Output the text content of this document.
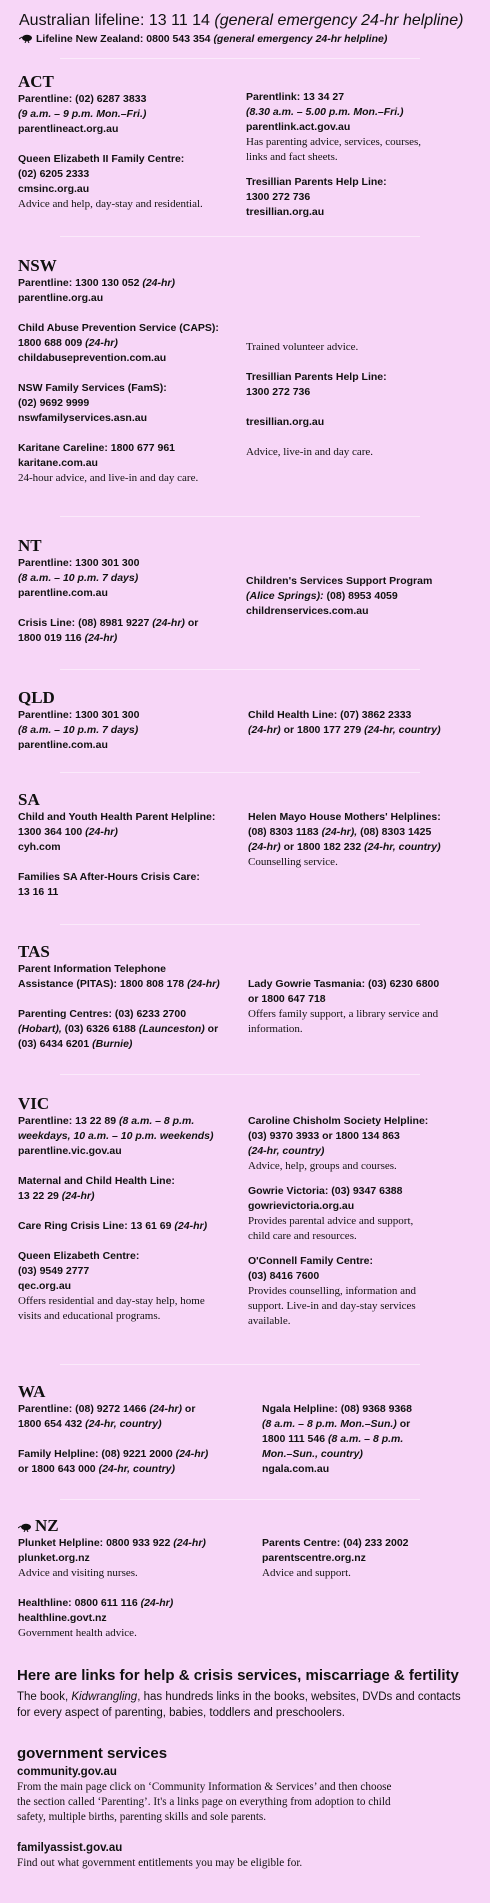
Australian lifeline: 13 11 14 (general emergency 24-hr helpline)
Lifeline New Zealand: 0800 543 354 (general emergency 24-hr helpline)
ACT
Parentline: (02) 6287 3833
(9 a.m. – 9 p.m. Mon.–Fri.)
parentlineact.org.au
Queen Elizabeth II Family Centre:
(02) 6205 2333
cmsinc.org.au
Advice and help, day-stay and residential.
Parentlink: 13 34 27
(8.30 a.m. – 5.00 p.m. Mon.–Fri.)
parentlink.act.gov.au
Has parenting advice, services, courses,
links and fact sheets.
Tresillian Parents Help Line:
1300 272 736
tresillian.org.au
NSW
Parentline: 1300 130 052 (24-hr)
parentline.org.au
Child Abuse Prevention Service (CAPS):
1800 688 009 (24-hr)
childabuseprevention.com.au
NSW Family Services (FamS):
(02) 9692 9999
nswfamilyservices.asn.au
Karitane Careline: 1800 677 961
karitane.com.au
24-hour advice, and live-in and day care.
Trained volunteer advice.
Tresillian Parents Help Line:
1300 272 736
tresillian.org.au
Advice, live-in and day care.
NT
Parentline: 1300 301 300
(8 a.m. – 10 p.m. 7 days)
parentline.com.au
Crisis Line: (08) 8981 9227 (24-hr) or
1800 019 116 (24-hr)
Children's Services Support Program
(Alice Springs): (08) 8953 4059
childrenservices.com.au
QLD
Parentline: 1300 301 300
(8 a.m. – 10 p.m. 7 days)
parentline.com.au
Child Health Line: (07) 3862 2333
(24-hr) or 1800 177 279 (24-hr, country)
SA
Child and Youth Health Parent Helpline:
1300 364 100 (24-hr)
cyh.com
Families SA After-Hours Crisis Care:
13 16 11
Helen Mayo House Mothers' Helplines:
(08) 8303 1183 (24-hr), (08) 8303 1425
(24-hr) or 1800 182 232 (24-hr, country)
Counselling service.
TAS
Parent Information Telephone
Assistance (PITAS): 1800 808 178 (24-hr)
Parenting Centres: (03) 6233 2700
(Hobart), (03) 6326 6188 (Launceston) or
(03) 6434 6201 (Burnie)
Lady Gowrie Tasmania: (03) 6230 6800
or 1800 647 718
Offers family support, a library service and
information.
VIC
Parentline: 13 22 89 (8 a.m. – 8 p.m.
weekdays, 10 a.m. – 10 p.m. weekends)
parentline.vic.gov.au
Maternal and Child Health Line:
13 22 29 (24-hr)
Care Ring Crisis Line: 13 61 69 (24-hr)
Queen Elizabeth Centre:
(03) 9549 2777
qec.org.au
Offers residential and day-stay help, home
visits and educational programs.
Caroline Chisholm Society Helpline:
(03) 9370 3933 or 1800 134 863
(24-hr, country)
Advice, help, groups and courses.
Gowrie Victoria: (03) 9347 6388
gowrievictoria.org.au
Provides parental advice and support,
child care and resources.
O'Connell Family Centre:
(03) 8416 7600
Provides counselling, information and
support. Live-in and day-stay services
available.
WA
Parentline: (08) 9272 1466 (24-hr) or
1800 654 432 (24-hr, country)
Family Helpline: (08) 9221 2000 (24-hr)
or 1800 643 000 (24-hr, country)
Ngala Helpline: (08) 9368 9368
(8 a.m. – 8 p.m. Mon.–Sun.) or
1800 111 546 (8 a.m. – 8 p.m.
Mon.–Sun., country)
ngala.com.au
NZ
Plunket Helpline: 0800 933 922 (24-hr)
plunket.org.nz
Advice and visiting nurses.
Healthline: 0800 611 116 (24-hr)
healthline.govt.nz
Government health advice.
Parents Centre: (04) 233 2002
parentscentre.org.nz
Advice and support.
Here are links for help & crisis services, miscarriage & fertility
The book, Kidwrangling, has hundreds links in the books, websites, DVDs and contacts
for every aspect of parenting, babies, toddlers and preschoolers.
government services
community.gov.au
From the main page click on ‘Community Information & Services’ and then choose
the section called ‘Parenting’. It's a links page on everything from adoption to child
safety, multiple births, parenting skills and sole parents.
familyassist.gov.au
Find out what government entitlements you may be eligible for.
